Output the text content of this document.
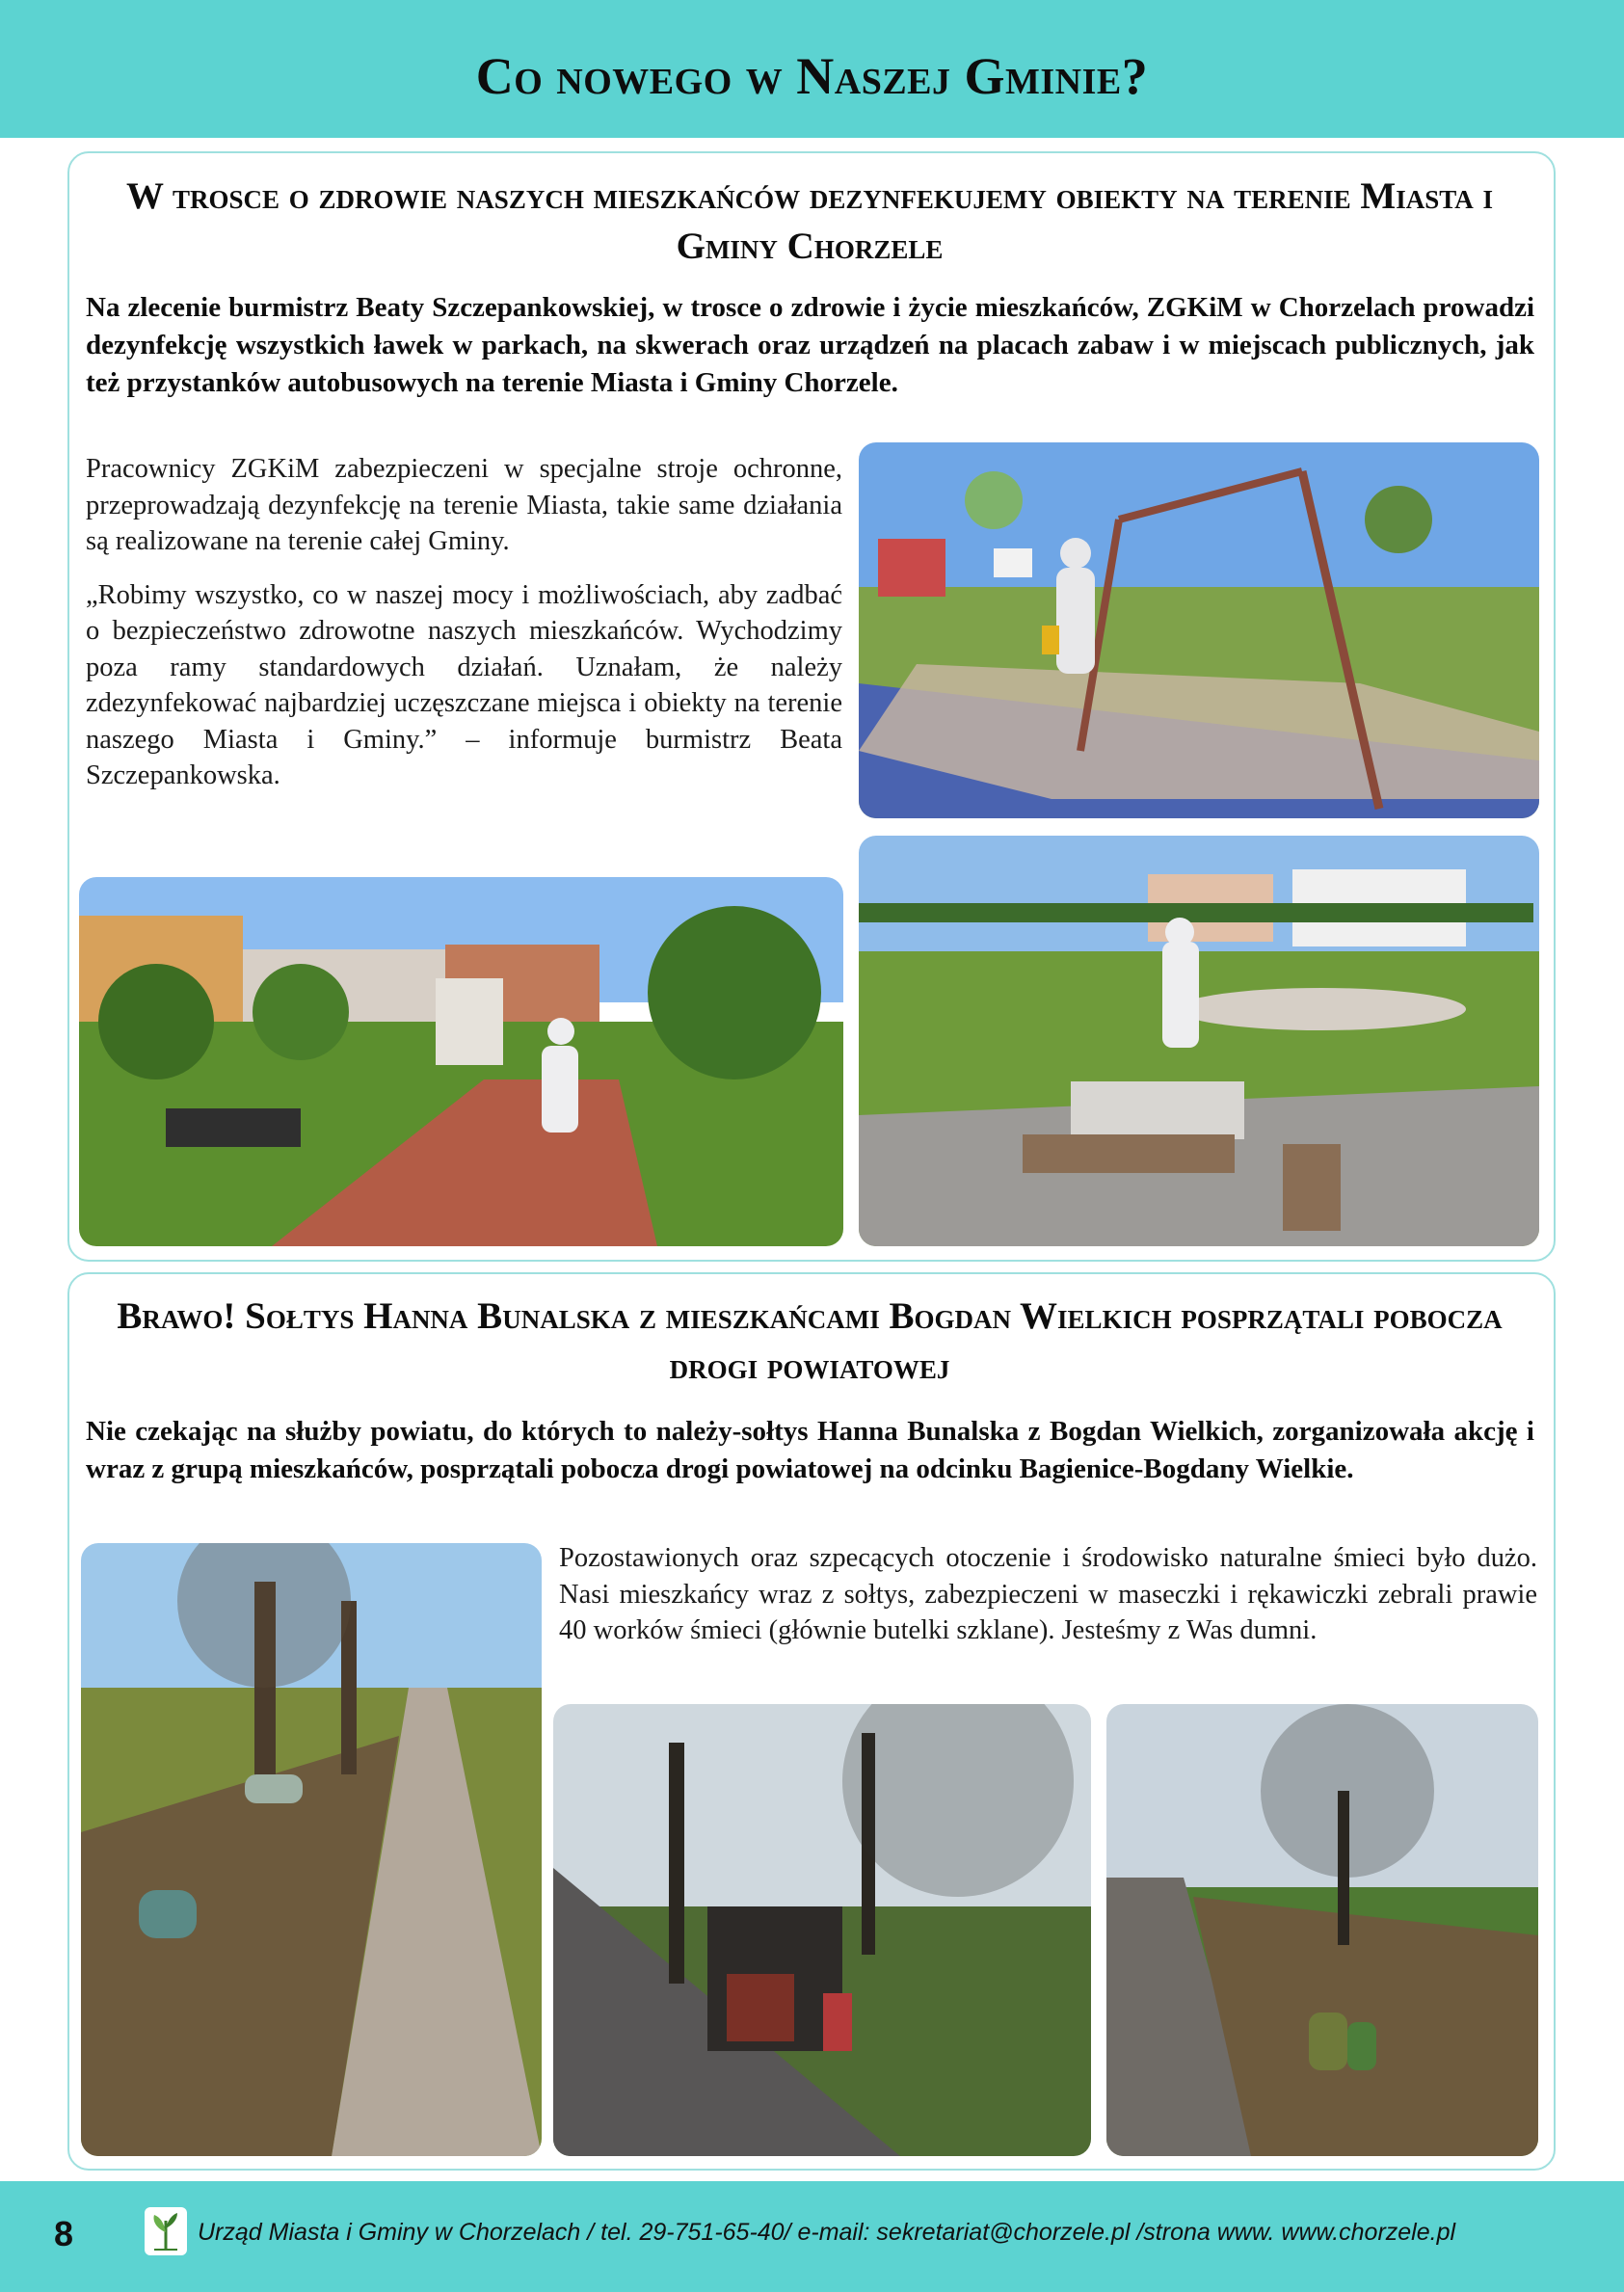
Co nowego w Naszej Gminie?
W trosce o zdrowie naszych mieszkańców dezynfekujemy obiekty na terenie Miasta i Gminy Chorzele
Na zlecenie burmistrz Beaty Szczepankowskiej, w trosce o zdrowie i życie mieszkańców, ZGKiM w Chorzelach prowadzi dezynfekcję wszystkich ławek w parkach, na skwerach oraz urządzeń na placach zabaw i w miejscach publicznych, jak też przystanków autobusowych na terenie Miasta i Gminy Chorzele.

Pracownicy ZGKiM zabezpieczeni w specjalne stroje ochronne, przeprowadzają dezynfekcję na terenie Miasta, takie same działania są realizowane na terenie całej Gminy.

„Robimy wszystko, co w naszej mocy i możliwościach, aby zadbać o bezpieczeństwo zdrowotne naszych mieszkańców. Wychodzimy poza ramy standardowych działań. Uznałam, że należy zdezynfekować najbardziej uczęszczane miejsca i obiekty na terenie naszego Miasta i Gminy.” – informuje burmistrz Beata Szczepankowska.

Brawo! Sołtys Hanna Bunalska z mieszkańcami Bogdan Wielkich posprzątali pobocza drogi powiatowej
Nie czekając na służby powiatu, do których to należy-sołtys Hanna Bunalska z Bogdan Wielkich, zorganizowała akcję i wraz z grupą mieszkańców, posprzątali pobocza drogi powiatowej na odcinku Bagienice-Bogdany Wielkie.

Pozostawionych oraz szpecących otoczenie i środowisko naturalne śmieci było dużo. Nasi mieszkańcy wraz z sołtys, zabezpieczeni w maseczki i rękawiczki zebrali prawie 40 worków śmieci (głównie butelki szklane). Jesteśmy z Was dumni.

8	Urząd Miasta i Gminy w Chorzelach / tel. 29-751-65-40/ e-mail: sekretariat@chorzele.pl /strona www. www.chorzele.pl
